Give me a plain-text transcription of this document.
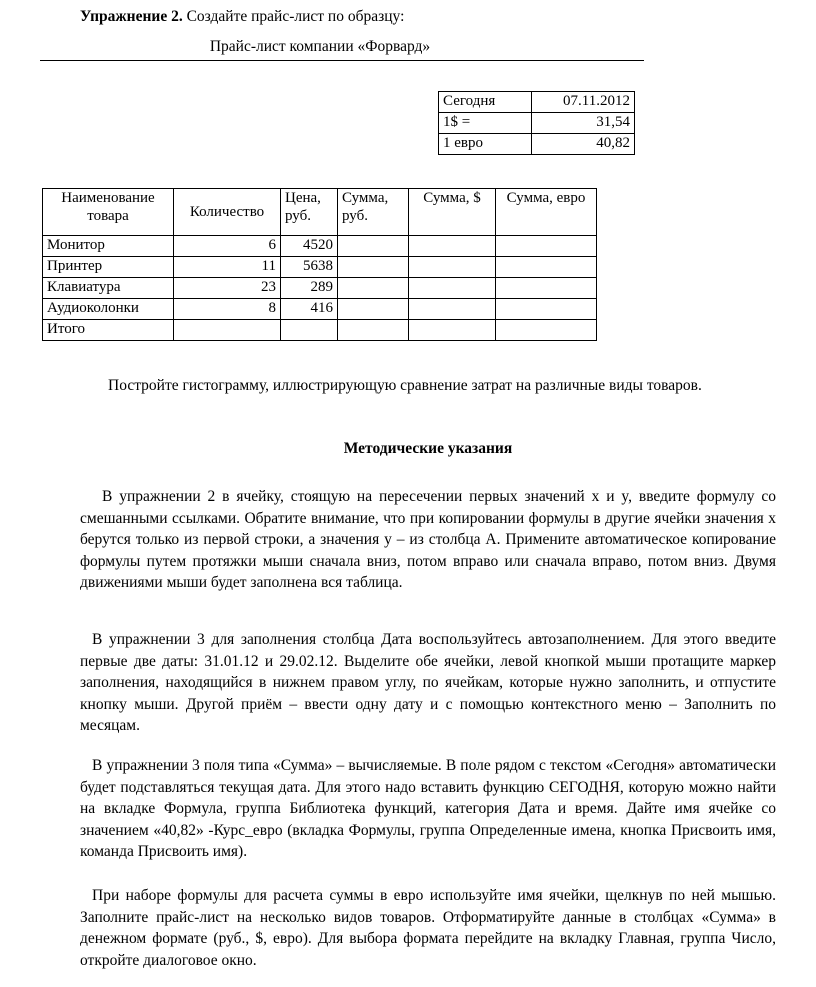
Упражнение 2. Создайте прайс-лист по образцу:
Прайс-лист компании «Форвард»
Сегодня	07.11.2012
1$ =	31,54
1 евро	40,82
Наименование товара	Количество	Цена, руб.	Сумма, руб.	Сумма, $	Сумма, евро
Монитор	6	4520			
Принтер	11	5638			
Клавиатура	23	289			
Аудиоколонки	8	416			
Итого					
Постройте гистограмму, иллюстрирующую сравнение затрат на различные виды товаров.
Методические указания
В упражнении 2 в ячейку, стоящую на пересечении первых значений x и y, введите формулу со смешанными ссылками. Обратите внимание, что при копировании формулы в другие ячейки значения x берутся только из первой строки, а значения y – из столбца А. Примените автоматическое копирование формулы путем протяжки мыши сначала вниз, потом вправо или сначала вправо, потом вниз. Двумя движениями мыши будет заполнена вся таблица.
В упражнении 3 для заполнения столбца Дата воспользуйтесь автозаполнением. Для этого введите первые две даты: 31.01.12 и 29.02.12. Выделите обе ячейки, левой кнопкой мыши протащите маркер заполнения, находящийся в нижнем правом углу, по ячейкам, которые нужно заполнить, и отпустите кнопку мыши. Другой приём – ввести одну дату и с помощью контекстного меню – Заполнить по месяцам.
В упражнении 3 поля типа «Сумма» – вычисляемые. В поле рядом с текстом «Сегодня» автоматически будет подставляться текущая дата. Для этого надо вставить функцию СЕГОДНЯ, которую можно найти на вкладке Формула, группа Библиотека функций, категория Дата и время. Дайте имя ячейке со значением «40,82» -Курс_евро (вкладка Формулы, группа Определенные имена, кнопка Присвоить имя, команда Присвоить имя).
При наборе формулы для расчета суммы в евро используйте имя ячейки, щелкнув по ней мышью. Заполните прайс-лист на несколько видов товаров. Отформатируйте данные в столбцах «Сумма» в денежном формате (руб., $, евро). Для выбора формата перейдите на вкладку Главная, группа Число, откройте диалоговое окно.
